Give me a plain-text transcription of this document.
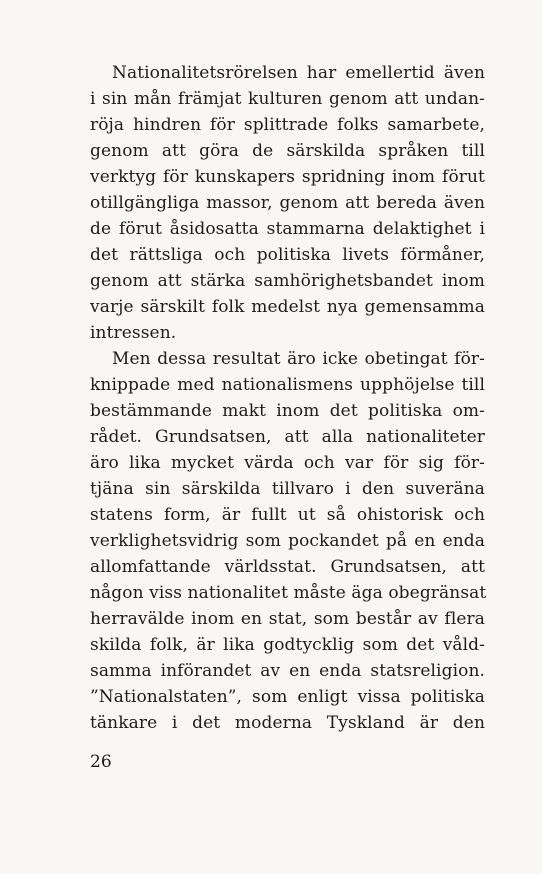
Nationalitetsrörelsen har emellertid även
i sin mån främjat kulturen genom att undan-
röja hindren för splittrade folks samarbete,
genom att göra de särskilda språken till
verktyg för kunskapers spridning inom förut
otillgängliga massor, genom att bereda även
de förut åsidosatta stammarna delaktighet i
det rättsliga och politiska livets förmåner,
genom att stärka samhörighetsbandet inom
varje särskilt folk medelst nya gemensamma
intressen.
Men dessa resultat äro icke obetingat för-
knippade med nationalismens upphöjelse till
bestämmande makt inom det politiska om-
rådet. Grundsatsen, att alla nationaliteter
äro lika mycket värda och var för sig för-
tjäna sin särskilda tillvaro i den suveräna
statens form, är fullt ut så ohistorisk och
verklighetsvidrig som pockandet på en enda
allomfattande världsstat. Grundsatsen, att
någon viss nationalitet måste äga obegränsat
herravälde inom en stat, som består av flera
skilda folk, är lika godtycklig som det våld-
samma införandet av en enda statsreligion.
”Nationalstaten”, som enligt vissa politiska
tänkare i det moderna Tyskland är den
26
